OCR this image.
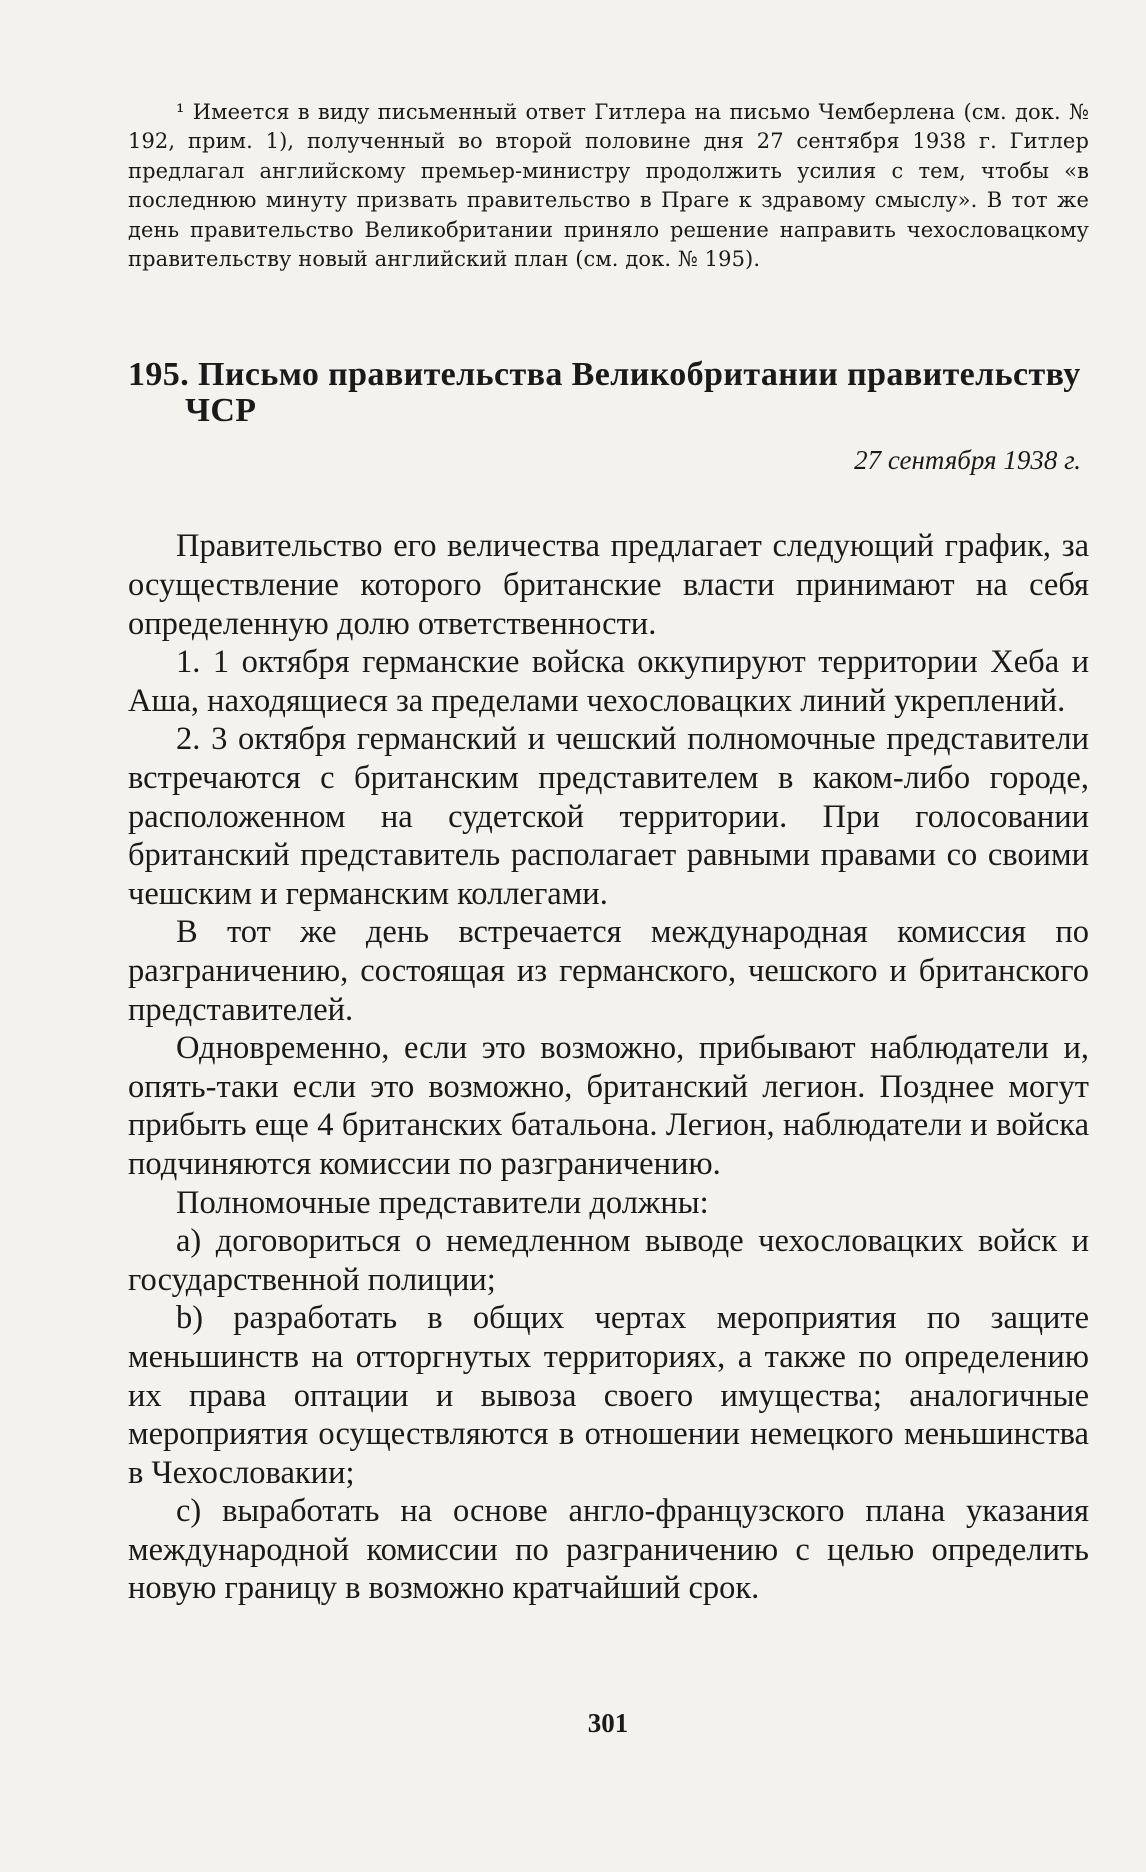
¹ Имеется в виду письменный ответ Гитлера на письмо Чемберлена (см. док. № 192, прим. 1), полученный во второй половине дня 27 сентября 1938 г. Гитлер предлагал английскому премьер-министру продолжить усилия с тем, чтобы «в последнюю минуту призвать правительство в Праге к здравому смыслу». В тот же день правительство Великобритании приняло решение направить чехословацкому правительству новый английский план (см. док. № 195).

195. Письмо правительства Великобритании правительству ЧСР
27 сентября 1938 г.

Правительство его величества предлагает следующий график, за осуществление которого британские власти принимают на себя определенную долю ответственности.

1. 1 октября германские войска оккупируют территории Хеба и Аша, находящиеся за пределами чехословацких линий укреплений.

2. 3 октября германский и чешский полномочные представители встречаются с британским представителем в каком-либо городе, расположенном на судетской территории. При голосовании британский представитель располагает равными правами со своими чешским и германским коллегами.

В тот же день встречается международная комиссия по разграничению, состоящая из германского, чешского и британского представителей.

Одновременно, если это возможно, прибывают наблюдатели и, опять-таки если это возможно, британский легион. Позднее могут прибыть еще 4 британских батальона. Легион, наблюдатели и войска подчиняются комиссии по разграничению.

Полномочные представители должны:

a) договориться о немедленном выводе чехословацких войск и государственной полиции;

b) разработать в общих чертах мероприятия по защите меньшинств на отторгнутых территориях, а также по определению их права оптации и вывоза своего имущества; аналогичные мероприятия осуществляются в отношении немецкого меньшинства в Чехословакии;

c) выработать на основе англо-французского плана указания международной комиссии по разграничению с целью определить новую границу в возможно кратчайший срок.

301
